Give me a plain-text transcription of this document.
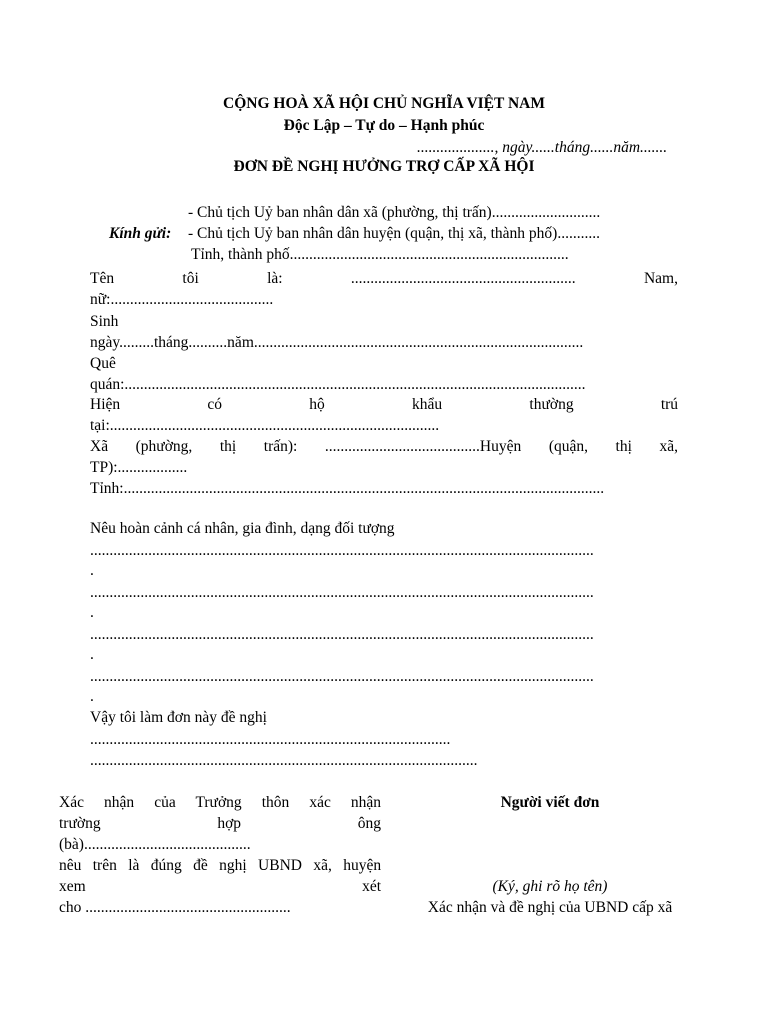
CỘNG HOÀ XÃ HỘI CHỦ NGHĨA VIỆT NAM
Độc Lập – Tự do – Hạnh phúc
...................., ngày......tháng......năm.......
ĐƠN ĐỀ NGHỊ HƯỞNG TRỢ CẤP XÃ HỘI
- Chủ tịch Uỷ ban nhân dân xã (phường, thị trấn)............................
Kính gửi: - Chủ tịch Uỷ ban nhân dân huyện (quận, thị xã, thành phố)...........
Tỉnh, thành phố........................................................................
Tên	tôi	là:	..........................................................	Nam,
nữ:..........................................
Sinh
ngày.........tháng..........năm.....................................................................................
Quê
quán:.......................................................................................................................
Hiện	có	hộ	khẩu	thường	trú
tại:.....................................................................................
Xã (phường, thị trấn): ........................................Huyện (quận, thị xã,
TP):..................
Tỉnh:............................................................................................................................
Nêu hoàn cảnh cá nhân, gia đình, dạng đối tượng
..................................................................................................................................
.
..................................................................................................................................
.
..................................................................................................................................
.
..................................................................................................................................
.
Vậy tôi làm đơn này đề nghị
.............................................................................................
....................................................................................................
Xác nhận của Trưởng thôn xác nhận
trường	hợp	ông
(bà)...........................................
nêu trên là đúng đề nghị UBND xã, huyện
xem	xét
cho .....................................................
Người viết đơn
(Ký, ghi rõ họ tên)
Xác nhận và đề nghị của UBND cấp xã
